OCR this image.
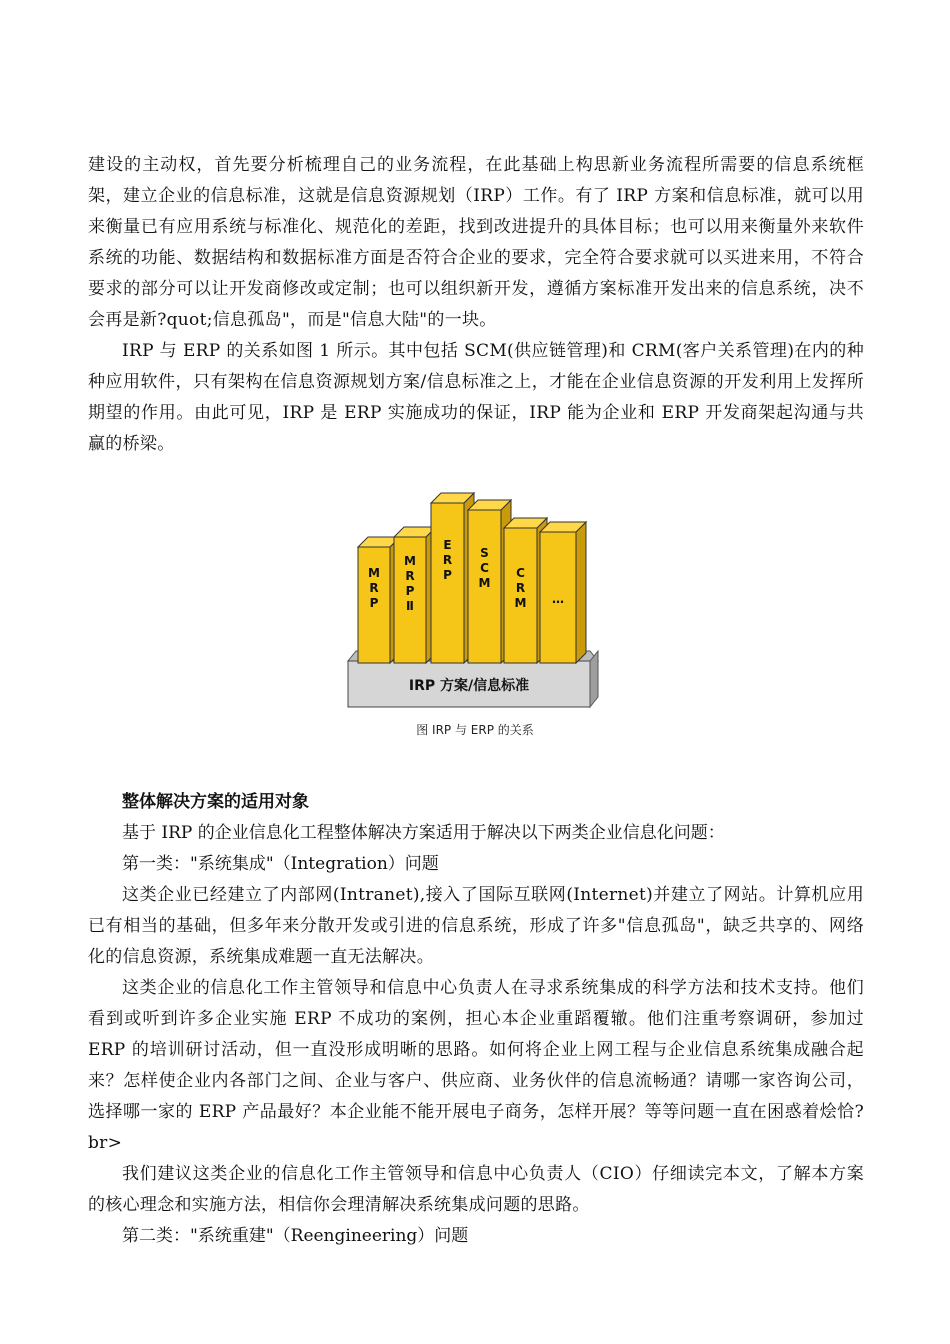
建设的主动权，首先要分析梳理自己的业务流程，在此基础上构思新业务流程所需要的信息系统框架，建立企业的信息标准，这就是信息资源规划（IRP）工作。有了 IRP 方案和信息标准，就可以用来衡量已有应用系统与标准化、规范化的差距，找到改进提升的具体目标；也可以用来衡量外来软件系统的功能、数据结构和数据标准方面是否符合企业的要求，完全符合要求就可以买进来用，不符合要求的部分可以让开发商修改或定制；也可以组织新开发，遵循方案标准开发出来的信息系统，决不会再是新?quot;信息孤岛"，而是"信息大陆"的一块。

IRP 与 ERP 的关系如图 1 所示。其中包括 SCM(供应链管理)和 CRM(客户关系管理)在内的种种应用软件，只有架构在信息资源规划方案/信息标准之上，才能在企业信息资源的开发利用上发挥所期望的作用。由此可见，IRP 是 ERP 实施成功的保证，IRP 能为企业和 ERP 开发商架起沟通与共赢的桥梁。

IRP 方案/信息标准
M R P
M R P Ⅱ
E R P
S C M
C R M …
图 IRP 与 ERP 的关系

整体解决方案的适用对象

基于 IRP 的企业信息化工程整体解决方案适用于解决以下两类企业信息化问题：

第一类："系统集成"（Integration）问题

这类企业已经建立了内部网(Intranet),接入了国际互联网(Internet)并建立了网站。计算机应用已有相当的基础，但多年来分散开发或引进的信息系统，形成了许多"信息孤岛"，缺乏共享的、网络化的信息资源，系统集成难题一直无法解决。

这类企业的信息化工作主管领导和信息中心负责人在寻求系统集成的科学方法和技术支持。他们看到或听到许多企业实施 ERP 不成功的案例，担心本企业重蹈覆辙。他们注重考察调研，参加过 ERP 的培训研讨活动，但一直没形成明晰的思路。如何将企业上网工程与企业信息系统集成融合起来？怎样使企业内各部门之间、企业与客户、供应商、业务伙伴的信息流畅通？请哪一家咨询公司，选择哪一家的 ERP 产品最好？本企业能不能开展电子商务，怎样开展？等等问题一直在困惑着烩恰?br>

我们建议这类企业的信息化工作主管领导和信息中心负责人（CIO）仔细读完本文，了解本方案的核心理念和实施方法，相信你会理清解决系统集成问题的思路。

第二类："系统重建"（Reengineering）问题
